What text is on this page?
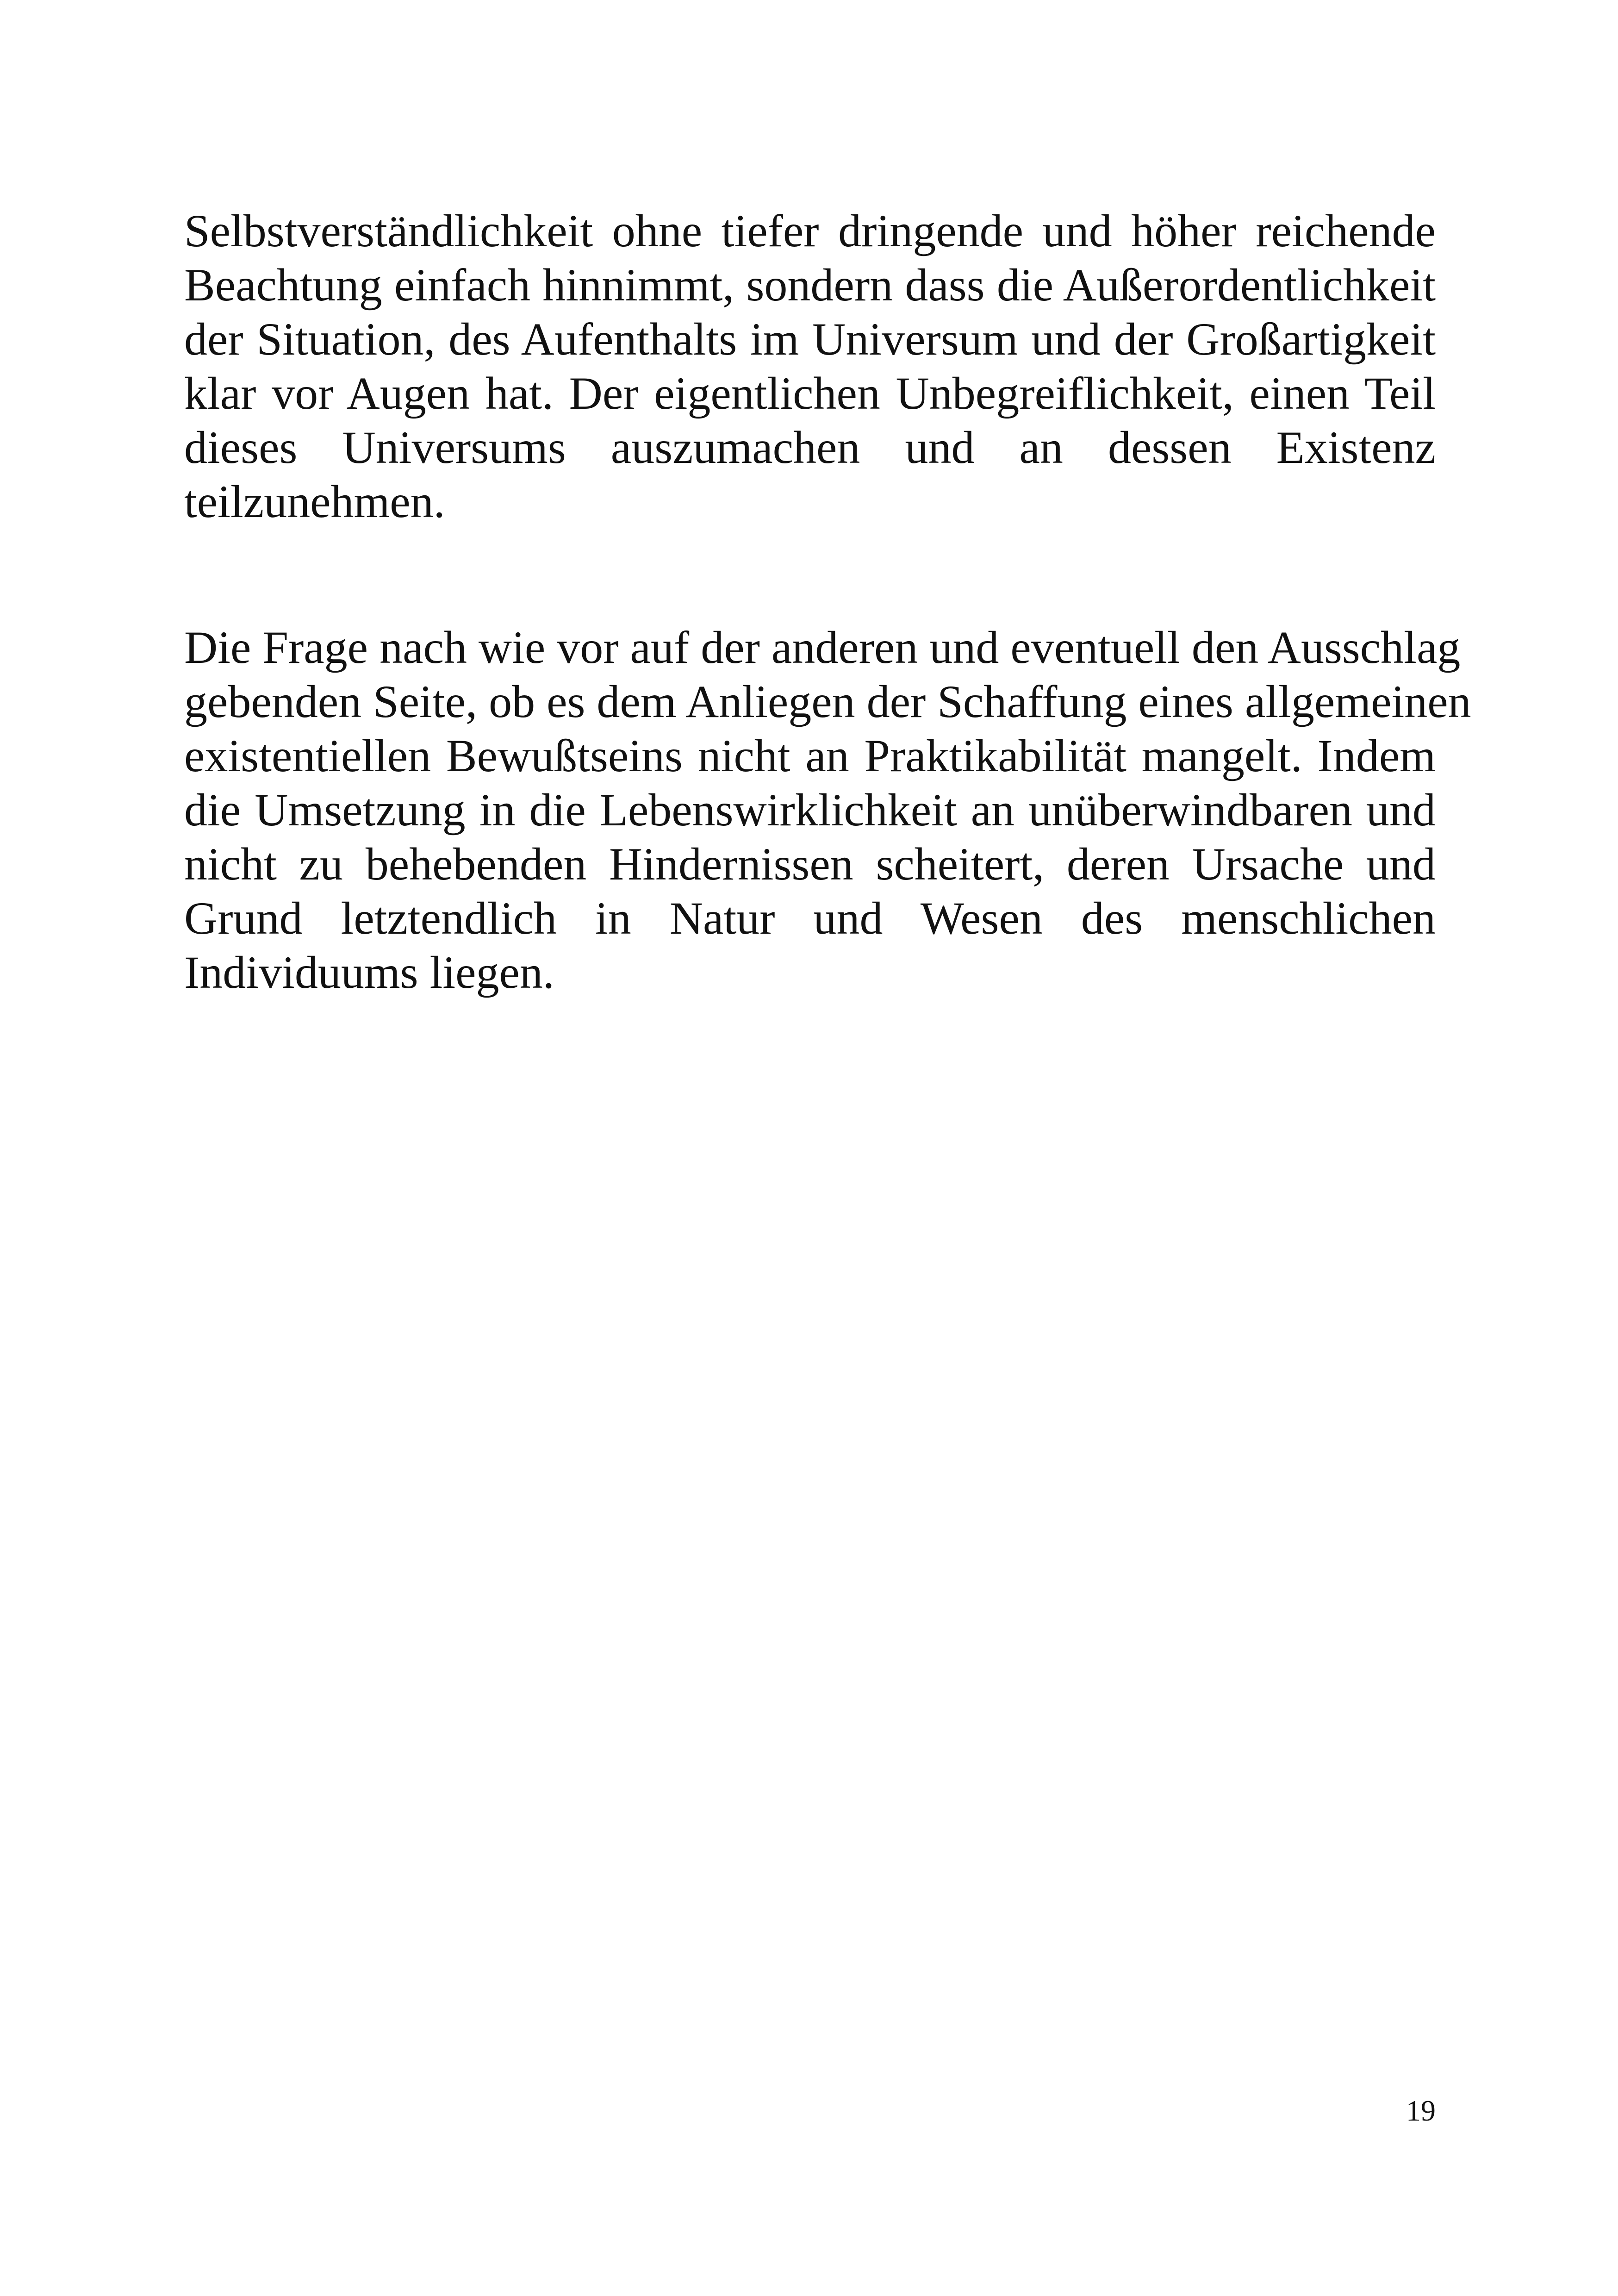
Selbstverständlichkeit ohne tiefer dringende und höher reichende
Beachtung einfach hinnimmt, sondern dass die Außerordentlichkeit
der Situation, des Aufenthalts im Universum und der Großartigkeit
klar vor Augen hat. Der eigentlichen Unbegreiflichkeit, einen Teil
dieses Universums auszumachen und an dessen Existenz
teilzunehmen.
Die Frage nach wie vor auf der anderen und eventuell den Ausschlag
gebenden Seite, ob es dem Anliegen der Schaffung eines allgemeinen
existentiellen Bewußtseins nicht an Praktikabilität mangelt. Indem
die Umsetzung in die Lebenswirklichkeit an unüberwindbaren und
nicht zu behebenden Hindernissen scheitert, deren Ursache und
Grund letztendlich in Natur und Wesen des menschlichen
Individuums liegen.
19
